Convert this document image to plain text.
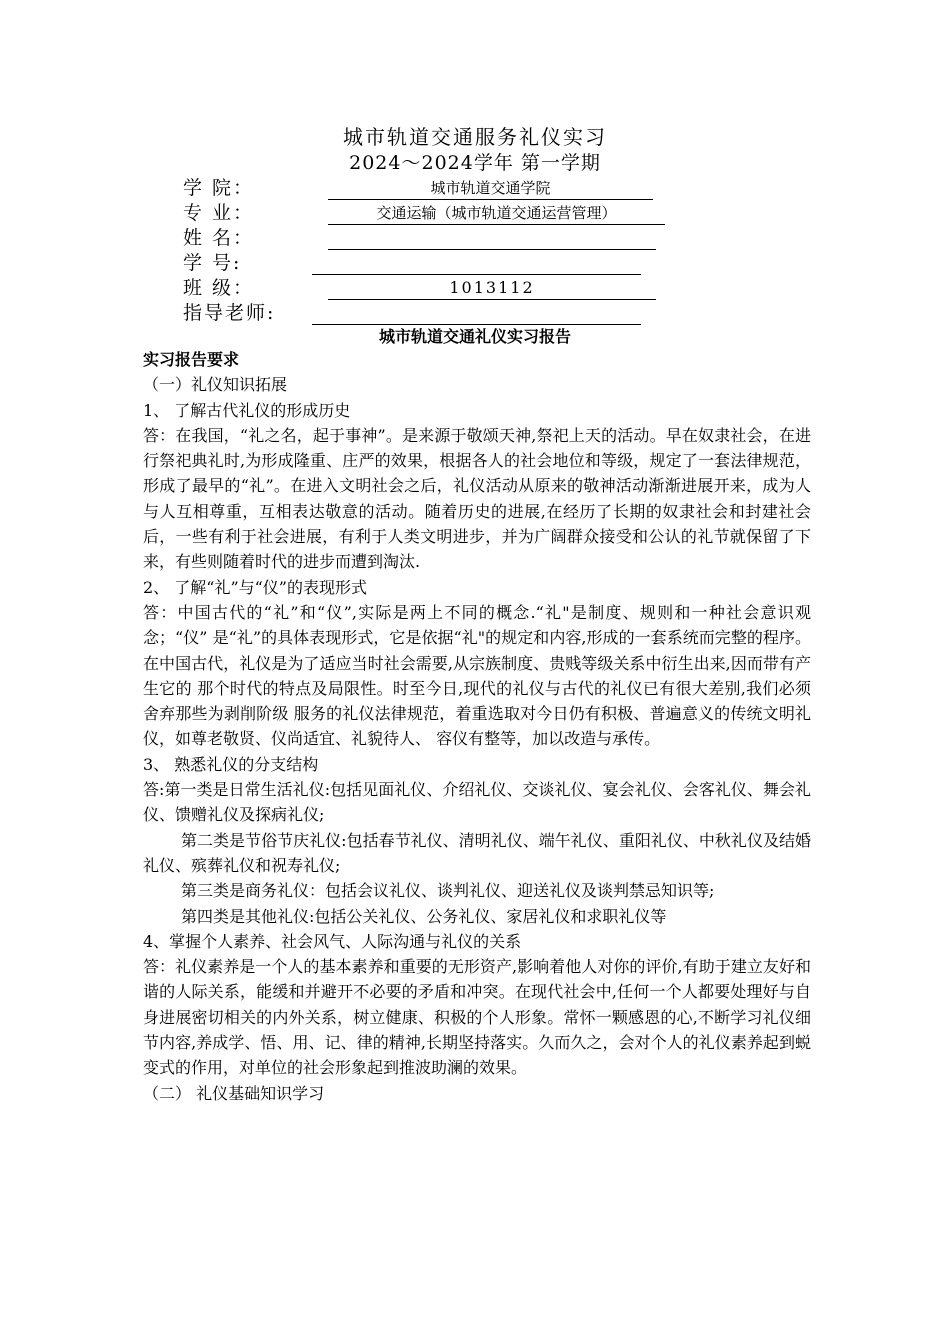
城市轨道交通服务礼仪实习
2024～2024学年 第一学期
学 院：	城市轨道交通学院
专 业：	交通运输（城市轨道交通运营管理）
姓 名：
学 号:
班 级：	1013112
指导老师:
城市轨道交通礼仪实习报告

实习报告要求

（一）礼仪知识拓展

1、 了解古代礼仪的形成历史

答：在我国，“礼之名，起于事神”。是来源于敬颂天神,祭祀上天的活动。早在奴隶社会，在进行祭祀典礼时,为形成隆重、庄严的效果，根据各人的社会地位和等级，规定了一套法律规范，形成了最早的“礼”。在进入文明社会之后，礼仪活动从原来的敬神活动渐渐进展开来，成为人与人互相尊重，互相表达敬意的活动。随着历史的进展,在经历了长期的奴隶社会和封建社会后，一些有利于社会进展，有利于人类文明进步，并为广阔群众接受和公认的礼节就保留了下来，有些则随着时代的进步而遭到淘汰.

2、 了解“礼”与“仪”的表现形式

答：中国古代的“礼”和“仪”,实际是两上不同的概念.“礼"是制度、规则和一种社会意识观念；“仪” 是“礼”的具体表现形式，它是依据“礼"的规定和内容,形成的一套系统而完整的程序。 在中国古代，礼仪是为了适应当时社会需要,从宗族制度、贵贱等级关系中衍生出来,因而带有产生它的 那个时代的特点及局限性。时至今日,现代的礼仪与古代的礼仪已有很大差别,我们必须舍弃那些为剥削阶级 服务的礼仪法律规范，着重选取对今日仍有积极、普遍意义的传统文明礼仪，如尊老敬贤、仪尚适宜、礼貌待人、 容仪有整等，加以改造与承传。

3、 熟悉礼仪的分支结构

答:第一类是日常生活礼仪:包括见面礼仪、介绍礼仪、交谈礼仪、宴会礼仪、会客礼仪、舞会礼仪、馈赠礼仪及探病礼仪;

第二类是节俗节庆礼仪:包括春节礼仪、清明礼仪、端午礼仪、重阳礼仪、中秋礼仪及结婚礼仪、殡葬礼仪和祝寿礼仪;

第三类是商务礼仪：包括会议礼仪、谈判礼仪、迎送礼仪及谈判禁忌知识等;

第四类是其他礼仪:包括公关礼仪、公务礼仪、家居礼仪和求职礼仪等

4、掌握个人素养、社会风气、人际沟通与礼仪的关系

答：礼仪素养是一个人的基本素养和重要的无形资产,影响着他人对你的评价,有助于建立友好和谐的人际关系，能缓和并避开不必要的矛盾和冲突。在现代社会中,任何一个人都要处理好与自身进展密切相关的内外关系，树立健康、积极的个人形象。常怀一颗感恩的心,不断学习礼仪细节内容,养成学、悟、用、记、律的精神,长期坚持落实。久而久之，会对个人的礼仪素养起到蜕变式的作用，对单位的社会形象起到推波助澜的效果。

（二） 礼仪基础知识学习
